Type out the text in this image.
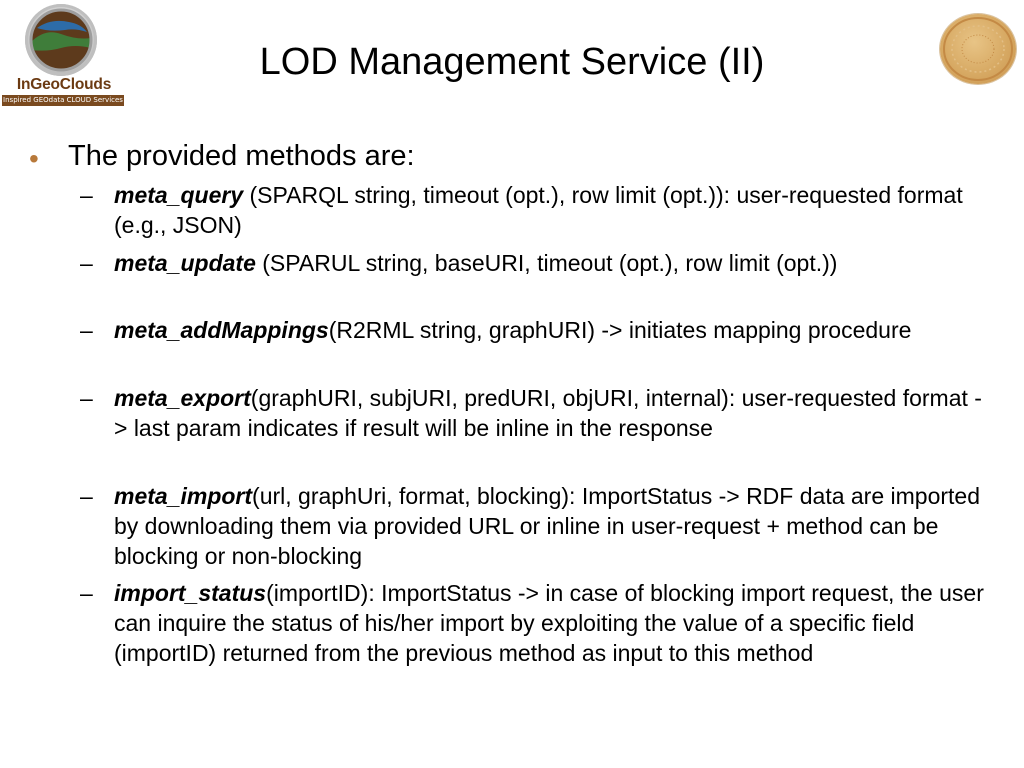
InGeoClouds
Inspired GEOdata CLOUD Services
LOD Management Service (II)
• The provided methods are:
– meta_query (SPARQL string, timeout (opt.), row limit (opt.)): user-requested format (e.g., JSON)
– meta_update (SPARUL string, baseURI, timeout (opt.), row limit (opt.))
– meta_addMappings(R2RML string, graphURI) -> initiates mapping procedure
– meta_export(graphURI, subjURI, predURI, objURI, internal): user-requested format -> last param indicates if result will be inline in the response
– meta_import(url, graphUri, format, blocking): ImportStatus -> RDF data are imported by downloading them via provided URL or inline in user-request + method can be blocking or non-blocking
– import_status(importID): ImportStatus -> in case of blocking import request, the user can inquire the status of his/her import by exploiting the value of a specific field (importID) returned from the previous method as input to this method
